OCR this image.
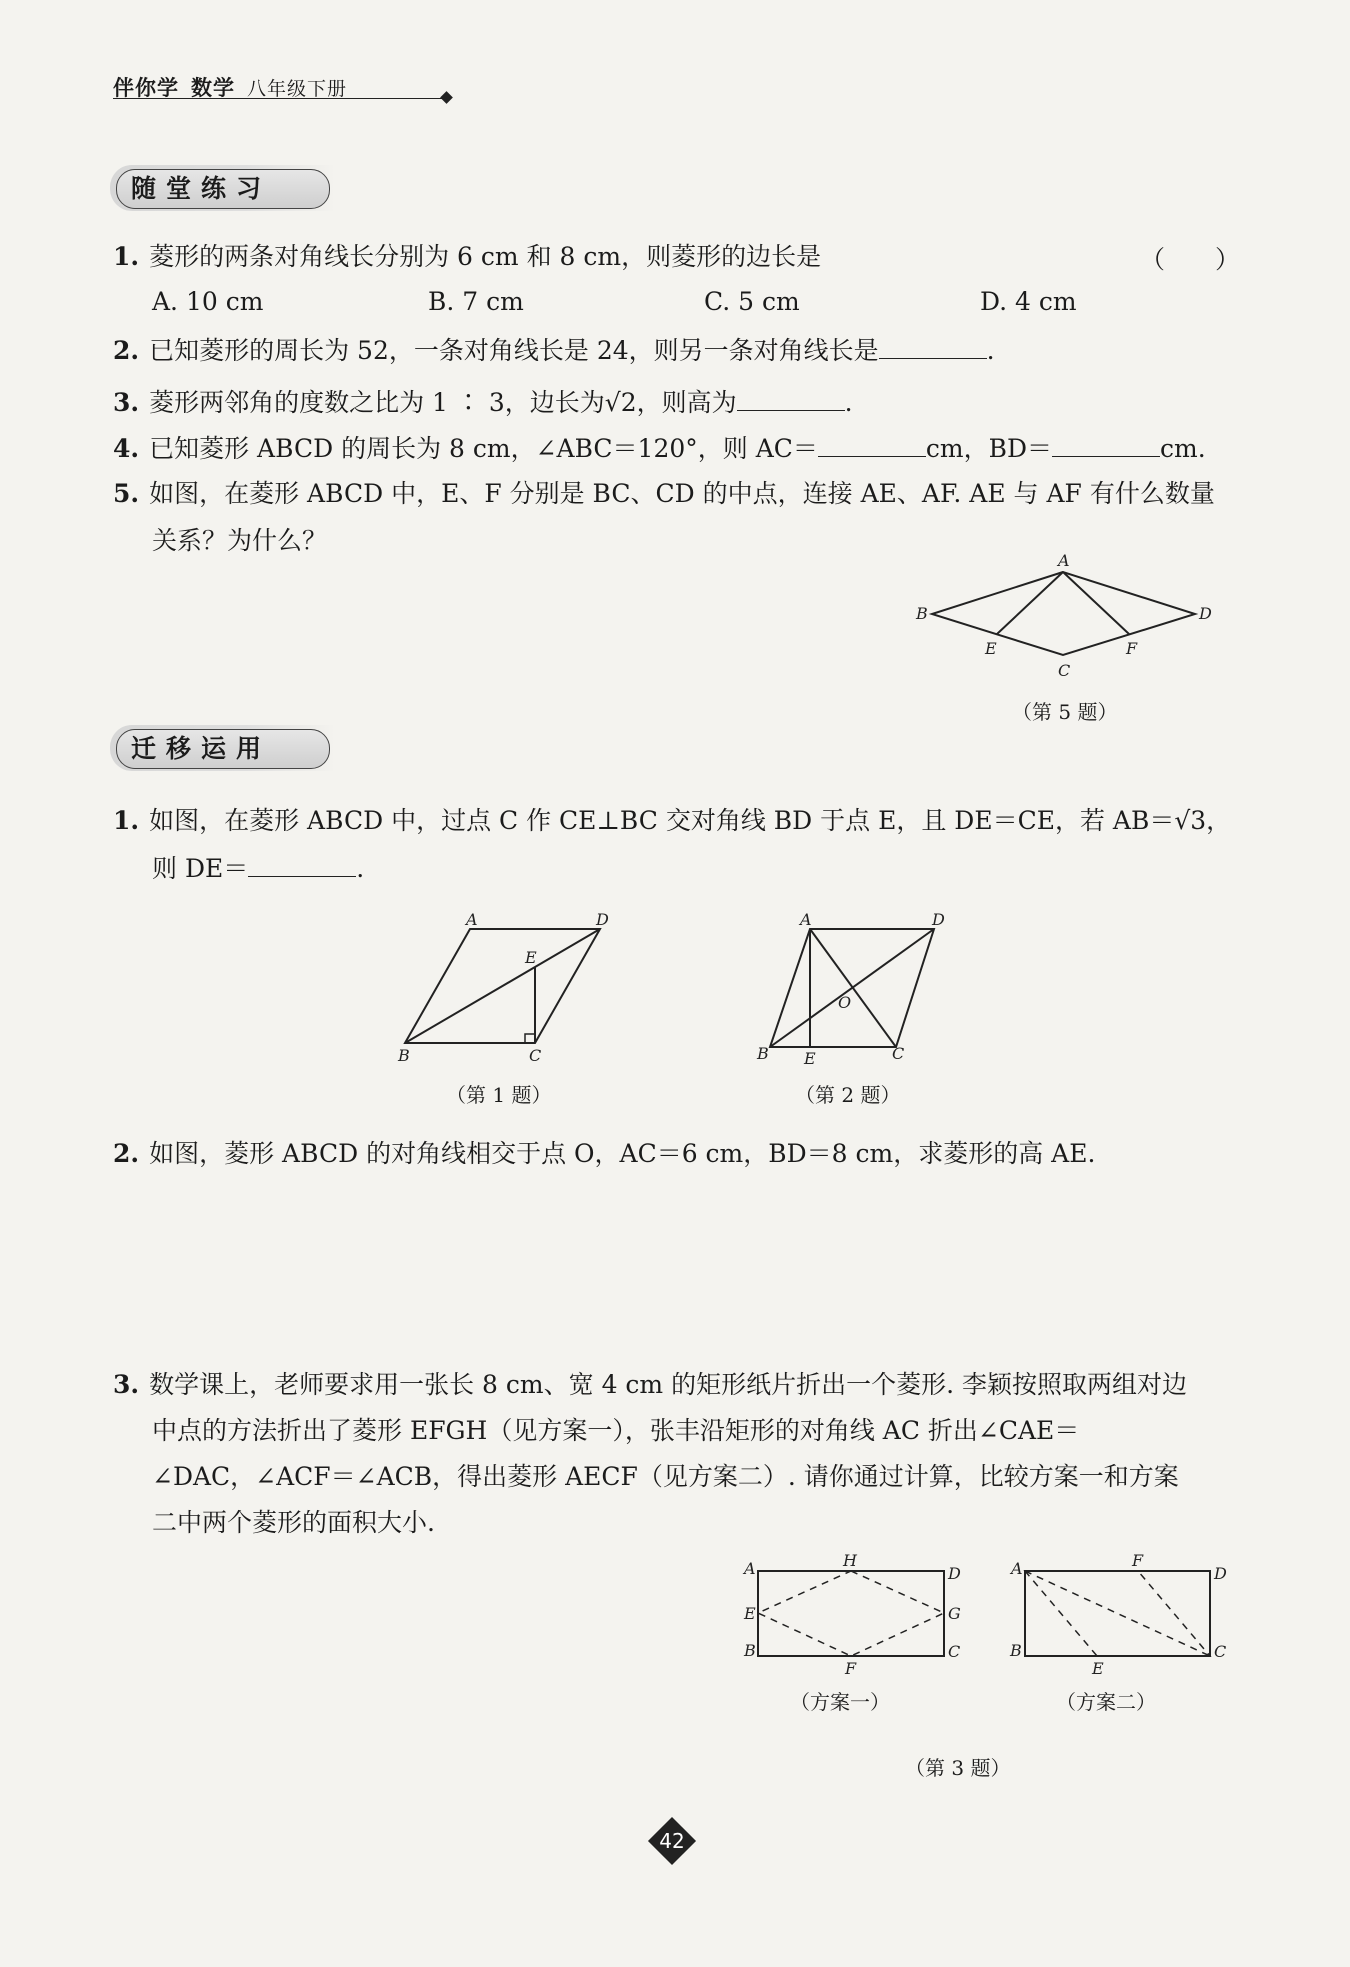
伴你学 数学 八年级下册
随堂练习
1. 菱形的两条对角线长分别为 6 cm 和 8 cm，则菱形的边长是	（　　）
A. 10 cm	B. 7 cm	C. 5 cm	D. 4 cm
2. 已知菱形的周长为 52，一条对角线长是 24，则另一条对角线长是	.
3. 菱形两邻角的度数之比为 1 ∶ 3，边长为√2，则高为	.
4. 已知菱形 ABCD 的周长为 8 cm，∠ABC＝120°，则 AC＝	cm，BD＝	cm.
5. 如图，在菱形 ABCD 中，E、F 分别是 BC、CD 的中点，连接 AE、AF. AE 与 AF 有什么数量
关系？为什么？
A
B
C
D
E	F
A	D
E
B	C
A	D
O
B E	C
A	H
D
E	G
B
F
C
A	F
D
B
E
C
（第 5 题）
迁移运用
1. 如图，在菱形 ABCD 中，过点 C 作 CE⊥BC 交对角线 BD 于点 E，且 DE＝CE，若 AB＝√3，
则 DE＝	.
（第 1 题）	（第 2 题）
2. 如图，菱形 ABCD 的对角线相交于点 O，AC＝6 cm，BD＝8 cm，求菱形的高 AE.
3. 数学课上，老师要求用一张长 8 cm、宽 4 cm 的矩形纸片折出一个菱形. 李颖按照取两组对边
中点的方法折出了菱形 EFGH（见方案一），张丰沿矩形的对角线 AC 折出∠CAE＝
∠DAC，∠ACF＝∠ACB，得出菱形 AECF（见方案二）. 请你通过计算，比较方案一和方案
二中两个菱形的面积大小.
（方案一）	（方案二）
（第 3 题）
42
